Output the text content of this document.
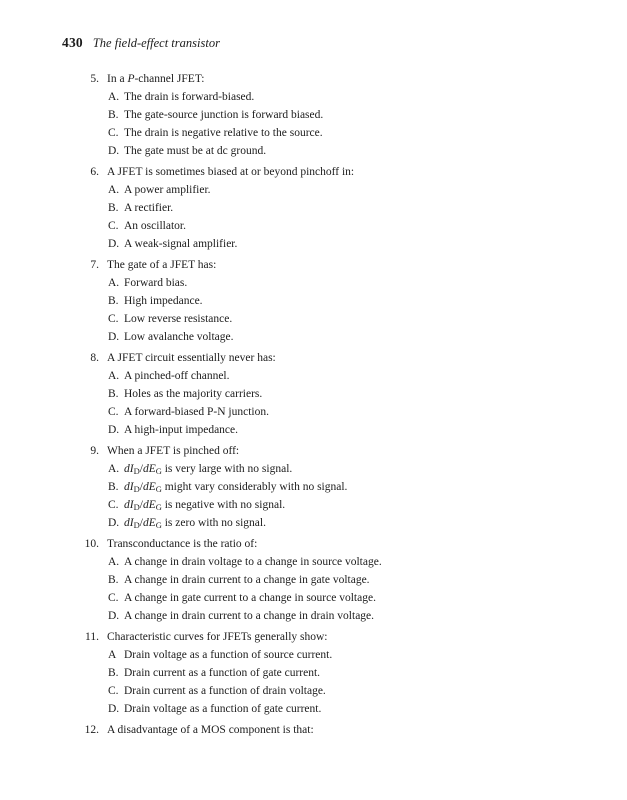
430 The field-effect transistor
5. In a P-channel JFET:
A. The drain is forward-biased.
B. The gate-source junction is forward biased.
C. The drain is negative relative to the source.
D. The gate must be at dc ground.
6. A JFET is sometimes biased at or beyond pinchoff in:
A. A power amplifier.
B. A rectifier.
C. An oscillator.
D. A weak-signal amplifier.
7. The gate of a JFET has:
A. Forward bias.
B. High impedance.
C. Low reverse resistance.
D. Low avalanche voltage.
8. A JFET circuit essentially never has:
A. A pinched-off channel.
B. Holes as the majority carriers.
C. A forward-biased P-N junction.
D. A high-input impedance.
9. When a JFET is pinched off:
A. dID/dEG is very large with no signal.
B. dID/dEG might vary considerably with no signal.
C. dID/dEG is negative with no signal.
D. dID/dEG is zero with no signal.
10. Transconductance is the ratio of:
A. A change in drain voltage to a change in source voltage.
B. A change in drain current to a change in gate voltage.
C. A change in gate current to a change in source voltage.
D. A change in drain current to a change in drain voltage.
11. Characteristic curves for JFETs generally show:
A Drain voltage as a function of source current.
B. Drain current as a function of gate current.
C. Drain current as a function of drain voltage.
D. Drain voltage as a function of gate current.
12. A disadvantage of a MOS component is that:
